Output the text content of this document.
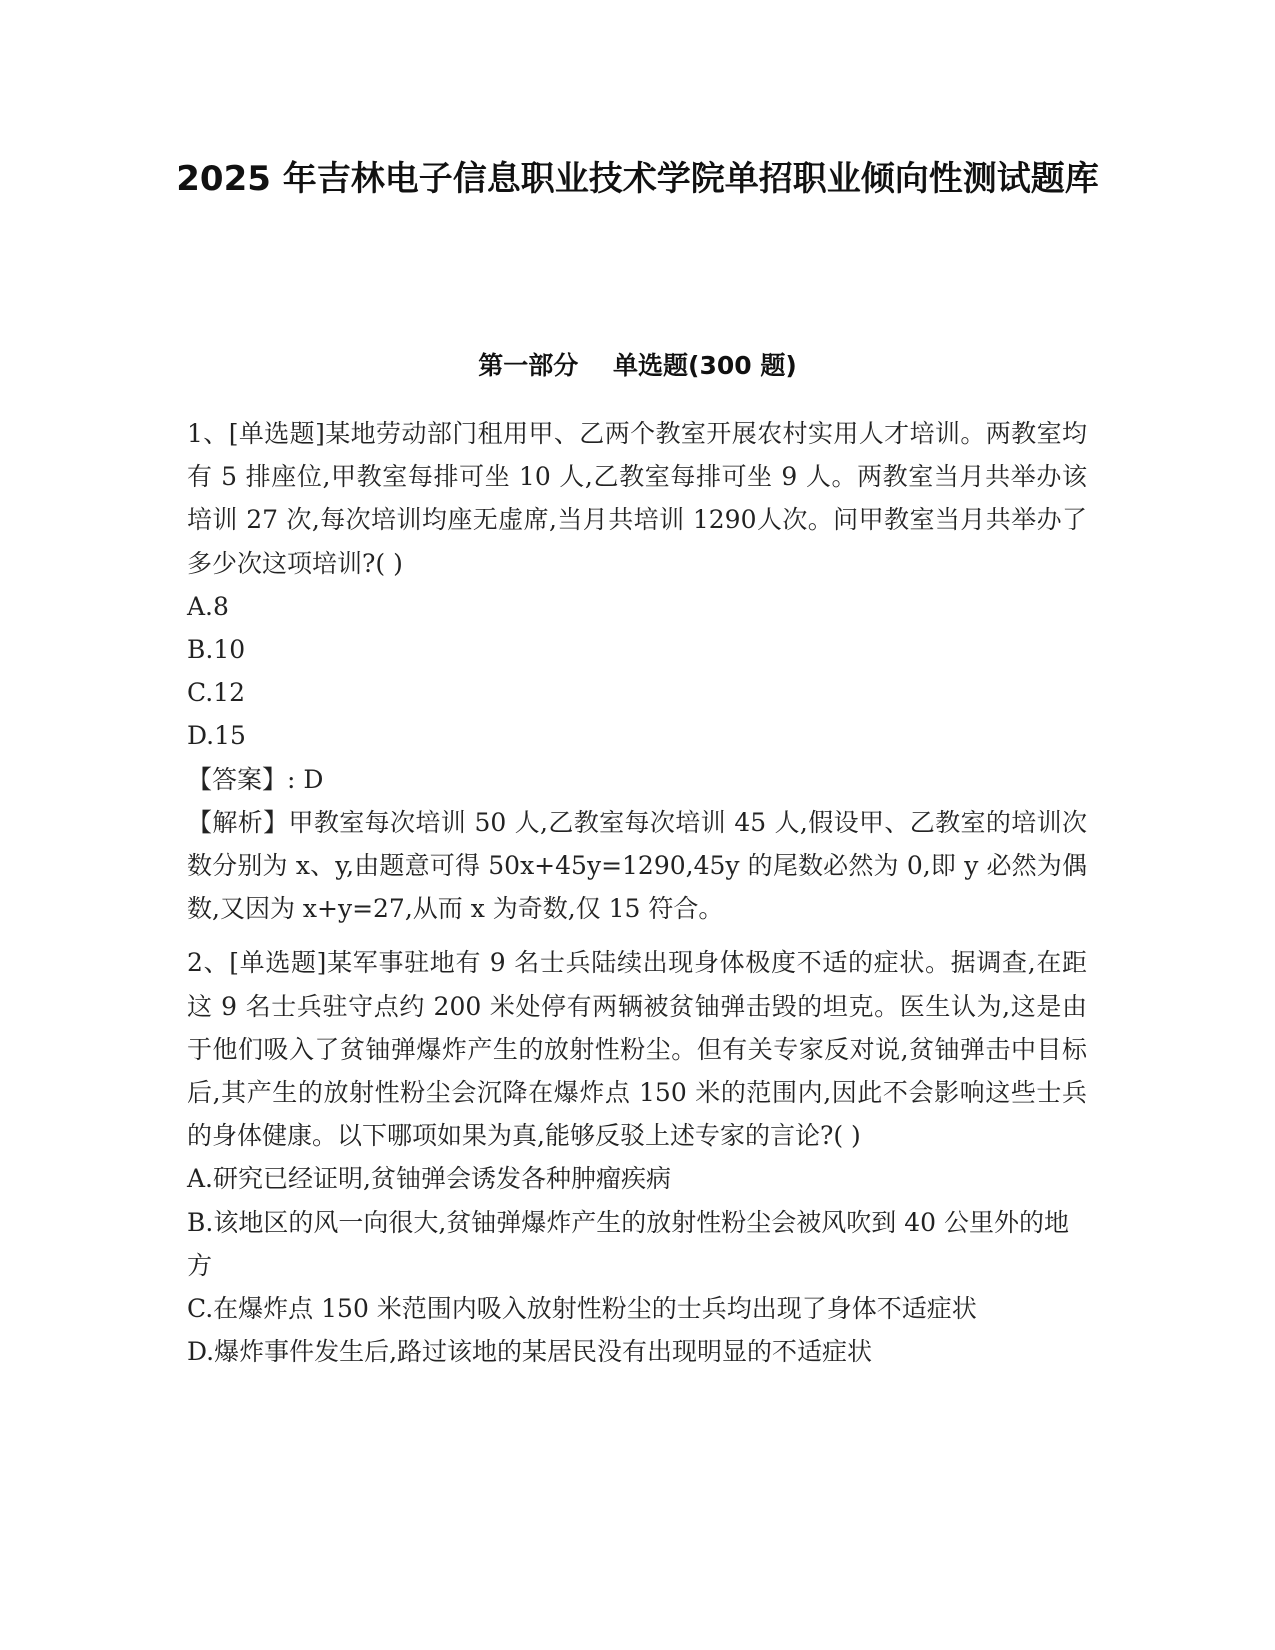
2025 年吉林电子信息职业技术学院单招职业倾向性测试题库
第一部分    单选题(300 题)

1、[单选题]某地劳动部门租用甲、乙两个教室开展农村实用人才培训。两教室均有 5 排座位,甲教室每排可坐 10 人,乙教室每排可坐 9 人。两教室当月共举办该培训 27 次,每次培训均座无虚席,当月共培训 1290人次。问甲教室当月共举办了多少次这项培训?( )

A.8
B.10
C.12
D.15

【答案】: D

【解析】甲教室每次培训 50 人,乙教室每次培训 45 人,假设甲、乙教室的培训次数分别为 x、y,由题意可得 50x+45y=1290,45y 的尾数必然为 0,即 y 必然为偶数,又因为 x+y=27,从而 x 为奇数,仅 15 符合。

2、[单选题]某军事驻地有 9 名士兵陆续出现身体极度不适的症状。据调查,在距这 9 名士兵驻守点约 200 米处停有两辆被贫铀弹击毁的坦克。医生认为,这是由于他们吸入了贫铀弹爆炸产生的放射性粉尘。但有关专家反对说,贫铀弹击中目标后,其产生的放射性粉尘会沉降在爆炸点 150 米的范围内,因此不会影响这些士兵的身体健康。以下哪项如果为真,能够反驳上述专家的言论?( )

A.研究已经证明,贫铀弹会诱发各种肿瘤疾病
B.该地区的风一向很大,贫铀弹爆炸产生的放射性粉尘会被风吹到 40 公里外的地方
C.在爆炸点 150 米范围内吸入放射性粉尘的士兵均出现了身体不适症状
D.爆炸事件发生后,路过该地的某居民没有出现明显的不适症状
